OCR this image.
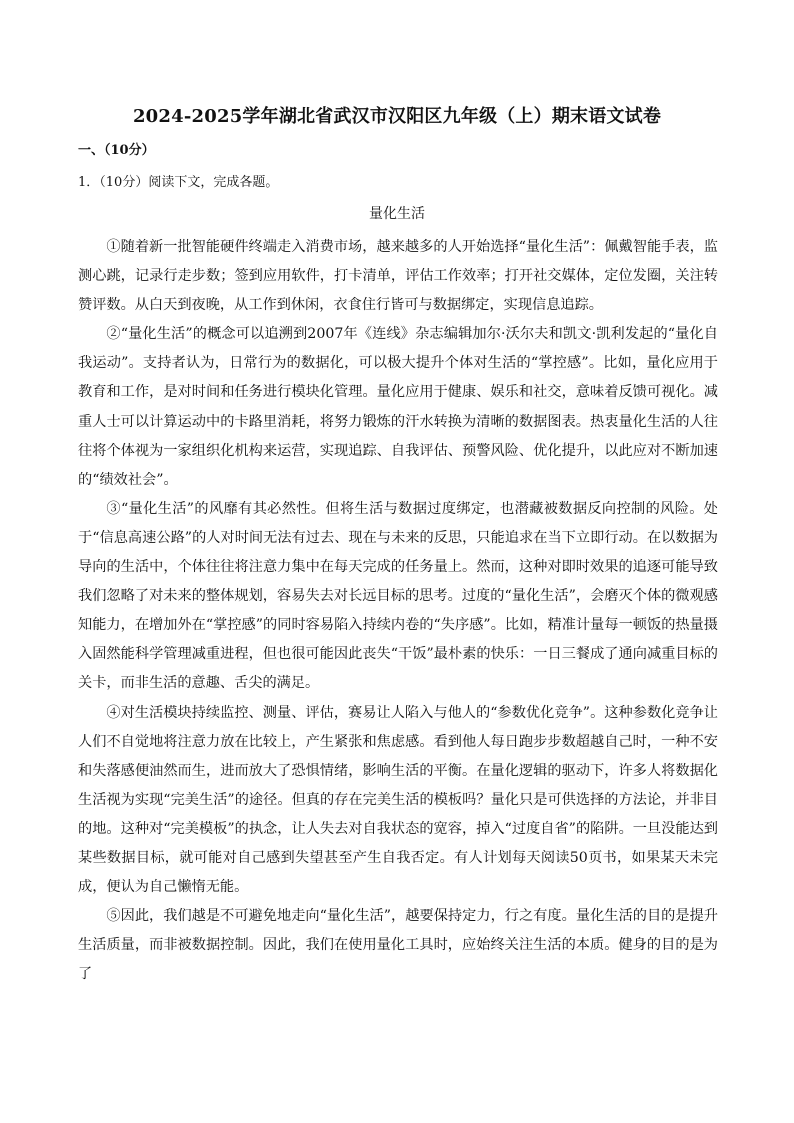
2024-2025学年湖北省武汉市汉阳区九年级（上）期末语文试卷
一、（10分）
1．（10分）阅读下文，完成各题。
量化生活

①随着新一批智能硬件终端走入消费市场，越来越多的人开始选择“量化生活”：佩戴智能手表，监测心跳，记录行走步数；签到应用软件，打卡清单，评估工作效率；打开社交媒体，定位发圈，关注转赞评数。从白天到夜晚，从工作到休闲，衣食住行皆可与数据绑定，实现信息追踪。

②“量化生活”的概念可以追溯到2007年《连线》杂志编辑加尔·沃尔夫和凯文·凯利发起的“量化自我运动”。支持者认为，日常行为的数据化，可以极大提升个体对生活的“掌控感”。比如，量化应用于教育和工作，是对时间和任务进行模块化管理。量化应用于健康、娱乐和社交，意味着反馈可视化。减重人士可以计算运动中的卡路里消耗，将努力锻炼的汗水转换为清晰的数据图表。热衷量化生活的人往往将个体视为一家组织化机构来运营，实现追踪、自我评估、预警风险、优化提升，以此应对不断加速的“绩效社会”。

③“量化生活”的风靡有其必然性。但将生活与数据过度绑定，也潜藏被数据反向控制的风险。处于“信息高速公路”的人对时间无法有过去、现在与未来的反思，只能追求在当下立即行动。在以数据为导向的生活中，个体往往将注意力集中在每天完成的任务量上。然而，这种对即时效果的追逐可能导致我们忽略了对未来的整体规划，容易失去对长远目标的思考。过度的“量化生活”，会磨灭个体的微观感知能力，在增加外在“掌控感”的同时容易陷入持续内卷的“失序感”。比如，精准计量每一顿饭的热量摄入固然能科学管理减重进程，但也很可能因此丧失“干饭”最朴素的快乐：一日三餐成了通向减重目标的关卡，而非生活的意趣、舌尖的满足。

④对生活模块持续监控、测量、评估，赛易让人陷入与他人的“参数优化竞争”。这种参数化竞争让人们不自觉地将注意力放在比较上，产生紧张和焦虑感。看到他人每日跑步步数超越自己时，一种不安和失落感便油然而生，进而放大了恐惧情绪，影响生活的平衡。在量化逻辑的驱动下，许多人将数据化生活视为实现“完美生活”的途径。但真的存在完美生活的模板吗？量化只是可供选择的方法论，并非目的地。这种对“完美模板”的执念，让人失去对自我状态的宽容，掉入“过度自省”的陷阱。一旦没能达到某些数据目标，就可能对自己感到失望甚至产生自我否定。有人计划每天阅读50页书，如果某天未完成，便认为自己懒惰无能。

⑤因此，我们越是不可避免地走向“量化生活”，越要保持定力，行之有度。量化生活的目的是提升生活质量，而非被数据控制。因此，我们在使用量化工具时，应始终关注生活的本质。健身的目的是为了
